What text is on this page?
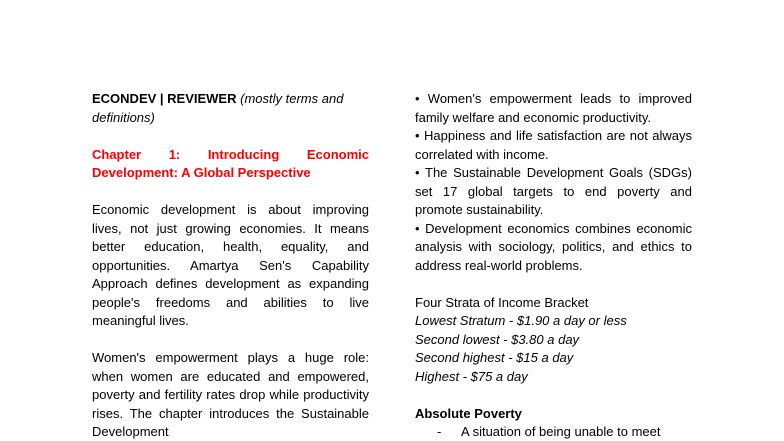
ECONDEV | REVIEWER (mostly terms and definitions)

Chapter 1: Introducing Economic Development: A Global Perspective

Economic development is about improving lives, not just growing economies. It means better education, health, equality, and opportunities. Amartya Sen's Capability Approach defines development as expanding people's freedoms and abilities to live meaningful lives.

Women's empowerment plays a huge role: when women are educated and empowered, poverty and fertility rates drop while productivity rises. The chapter introduces the Sustainable Development

• Women's empowerment leads to improved family welfare and economic productivity.

• Happiness and life satisfaction are not always correlated with income.

• The Sustainable Development Goals (SDGs) set 17 global targets to end poverty and promote sustainability.

• Development economics combines economic analysis with sociology, politics, and ethics to address real-world problems.

Four Strata of Income Bracket

Lowest Stratum - $1.90 a day or less

Second lowest - $3.80 a day

Second highest - $15 a day

Highest - $75 a day

Absolute Poverty

- A situation of being unable to meet
